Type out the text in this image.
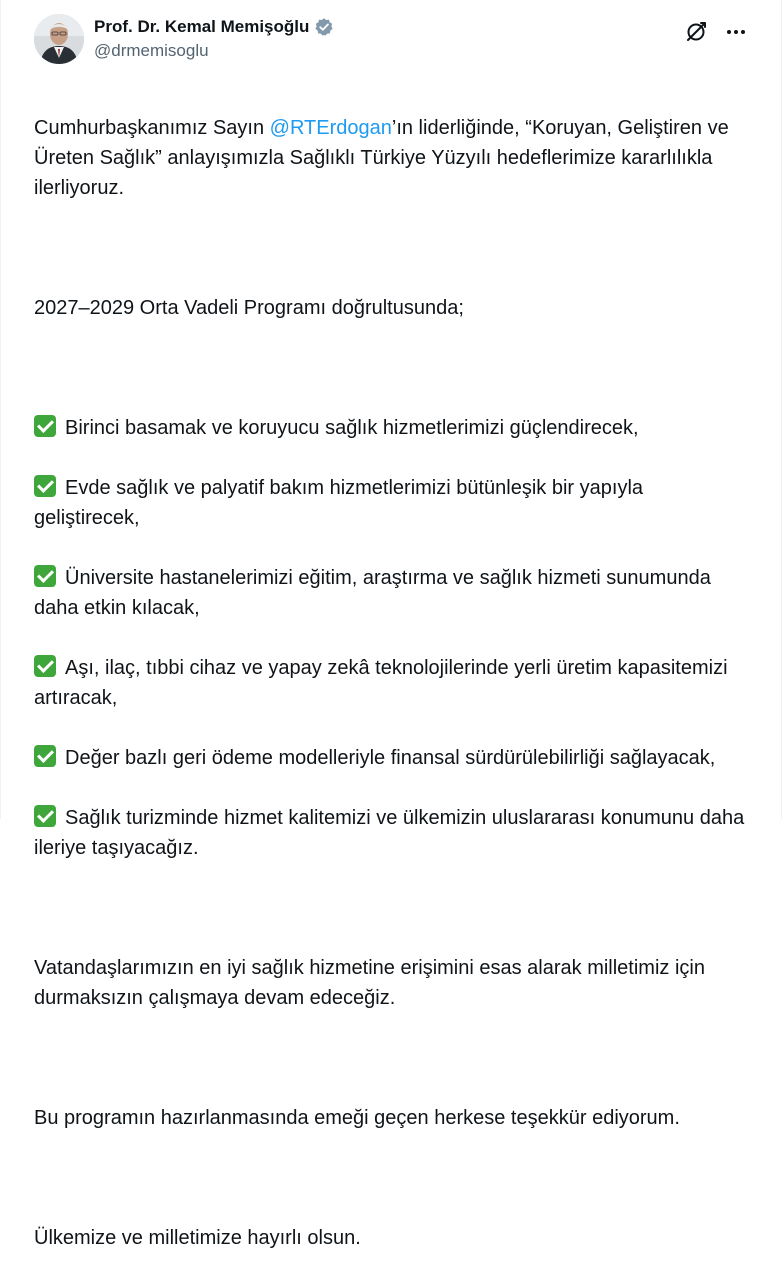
Prof. Dr. Kemal Memişoğlu
@drmemisoglu

Cumhurbaşkanımız Sayın @RTErdogan’ın liderliğinde, “Koruyan, Geliştiren ve Üreten Sağlık” anlayışımızla Sağlıklı Türkiye Yüzyılı hedeflerimize kararlılıkla ilerliyoruz.

2027–2029 Orta Vadeli Programı doğrultusunda;

Birinci basamak ve koruyucu sağlık hizmetlerimizi güçlendirecek,

Evde sağlık ve palyatif bakım hizmetlerimizi bütünleşik bir yapıyla geliştirecek,

Üniversite hastanelerimizi eğitim, araştırma ve sağlık hizmeti sunumunda daha etkin kılacak,

Aşı, ilaç, tıbbi cihaz ve yapay zekâ teknolojilerinde yerli üretim kapasitemizi artıracak,

Değer bazlı geri ödeme modelleriyle finansal sürdürülebilirliği sağlayacak,

Sağlık turizminde hizmet kalitemizi ve ülkemizin uluslararası konumunu daha ileriye taşıyacağız.

Vatandaşlarımızın en iyi sağlık hizmetine erişimini esas alarak milletimiz için durmaksızın çalışmaya devam edeceğiz.

Bu programın hazırlanmasında emeği geçen herkese teşekkür ediyorum.

Ülkemize ve milletimize hayırlı olsun.
